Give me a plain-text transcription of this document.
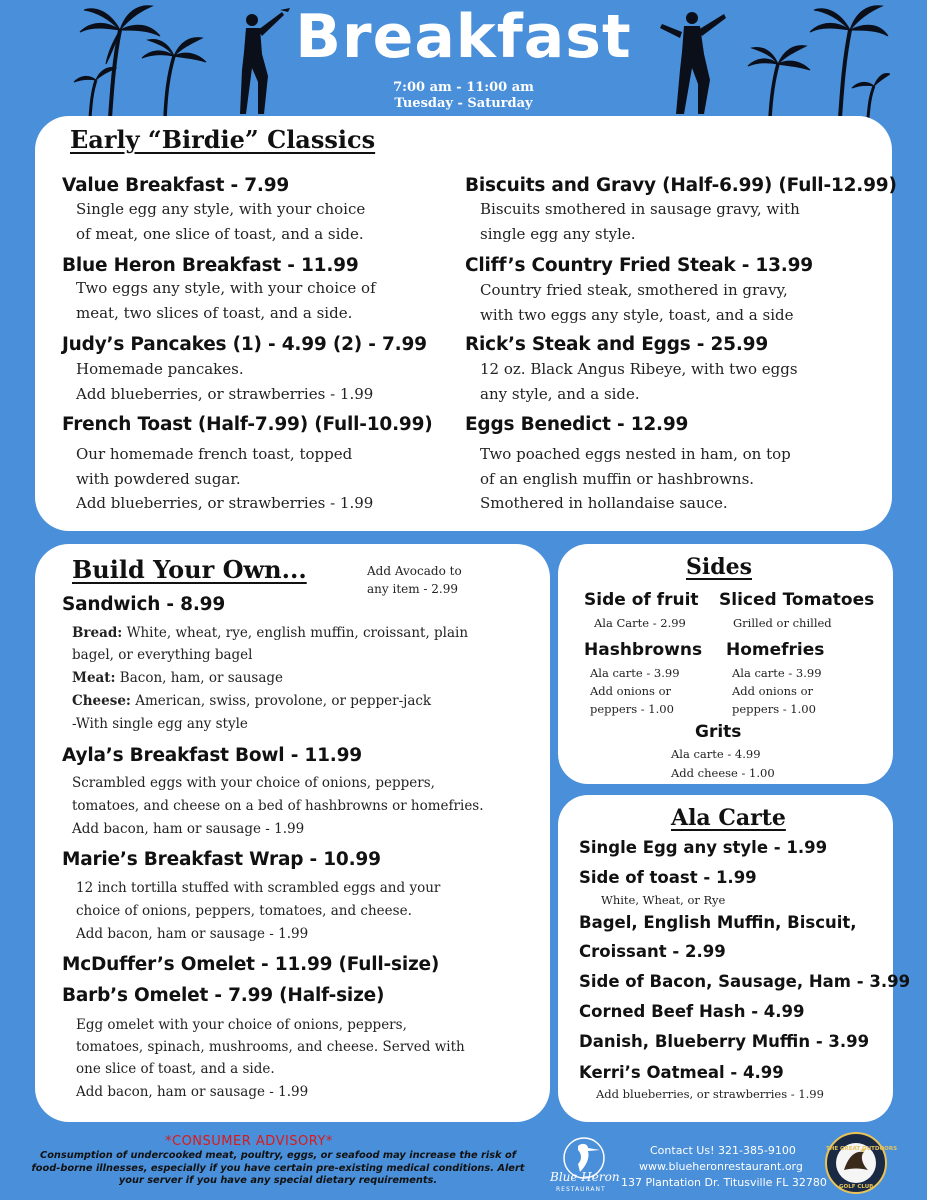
Breakfast
7:00 am - 11:00 am
Tuesday - Saturday
Early “Birdie” Classics
Value Breakfast - 7.99
Single egg any style, with your choice
of meat, one slice of toast, and a side.
Blue Heron Breakfast - 11.99
Two eggs any style, with your choice of
meat, two slices of toast, and a side.
Judy’s Pancakes (1) - 4.99 (2) - 7.99
Homemade pancakes.
Add blueberries, or strawberries - 1.99
French Toast (Half-7.99) (Full-10.99)
Our homemade french toast, topped
with powdered sugar.
Add blueberries, or strawberries - 1.99
Biscuits and Gravy (Half-6.99) (Full-12.99)
Biscuits smothered in sausage gravy, with
single egg any style.
Cliff’s Country Fried Steak - 13.99
Country fried steak, smothered in gravy,
with two eggs any style, toast, and a side
Rick’s Steak and Eggs - 25.99
12 oz. Black Angus Ribeye, with two eggs
any style, and a side.
Eggs Benedict - 12.99
Two poached eggs nested in ham, on top
of an english muffin or hashbrowns.
Smothered in hollandaise sauce.
Build Your Own...	Add Avocado to
any item - 2.99
Sandwich - 8.99
Bread: White, wheat, rye, english muffin, croissant, plain
bagel, or everything bagel
Meat: Bacon, ham, or sausage
Cheese: American, swiss, provolone, or pepper-jack
-With single egg any style
Ayla’s Breakfast Bowl - 11.99
Scrambled eggs with your choice of onions, peppers,
tomatoes, and cheese on a bed of hashbrowns or homefries.
Add bacon, ham or sausage - 1.99
Marie’s Breakfast Wrap - 10.99
12 inch tortilla stuffed with scrambled eggs and your
choice of onions, peppers, tomatoes, and cheese.
Add bacon, ham or sausage - 1.99
McDuffer’s Omelet - 11.99 (Full-size)
Barb’s Omelet - 7.99 (Half-size)
Egg omelet with your choice of onions, peppers,
tomatoes, spinach, mushrooms, and cheese. Served with
one slice of toast, and a side.
Add bacon, ham or sausage - 1.99
Sides
Side of fruit
Ala Carte - 2.99
Sliced Tomatoes
Grilled or chilled
Hashbrowns
Ala carte - 3.99
Add onions or
peppers - 1.00
Homefries
Ala carte - 3.99
Add onions or
peppers - 1.00
Grits
Ala carte - 4.99
Add cheese - 1.00
Ala Carte
Single Egg any style - 1.99
Side of toast - 1.99
White, Wheat, or Rye
Bagel, English Muffin, Biscuit,
Croissant - 2.99
Side of Bacon, Sausage, Ham - 3.99
Corned Beef Hash - 4.99
Danish, Blueberry Muffin - 3.99
Kerri’s Oatmeal - 4.99
Add blueberries, or strawberries - 1.99
*CONSUMER ADVISORY*
Consumption of undercooked meat, poultry, eggs, or seafood may increase the risk of food-borne illnesses, especially if you have certain pre-existing medical conditions. Alert your server if you have any special dietary requirements.	Blue Heron
RESTAURANT
Contact Us! 321-385-9100
www.blueheronrestaurant.org
137 Plantation Dr. Titusville FL 32780
THE GREAT OUTDOORS
GOLF CLUB
